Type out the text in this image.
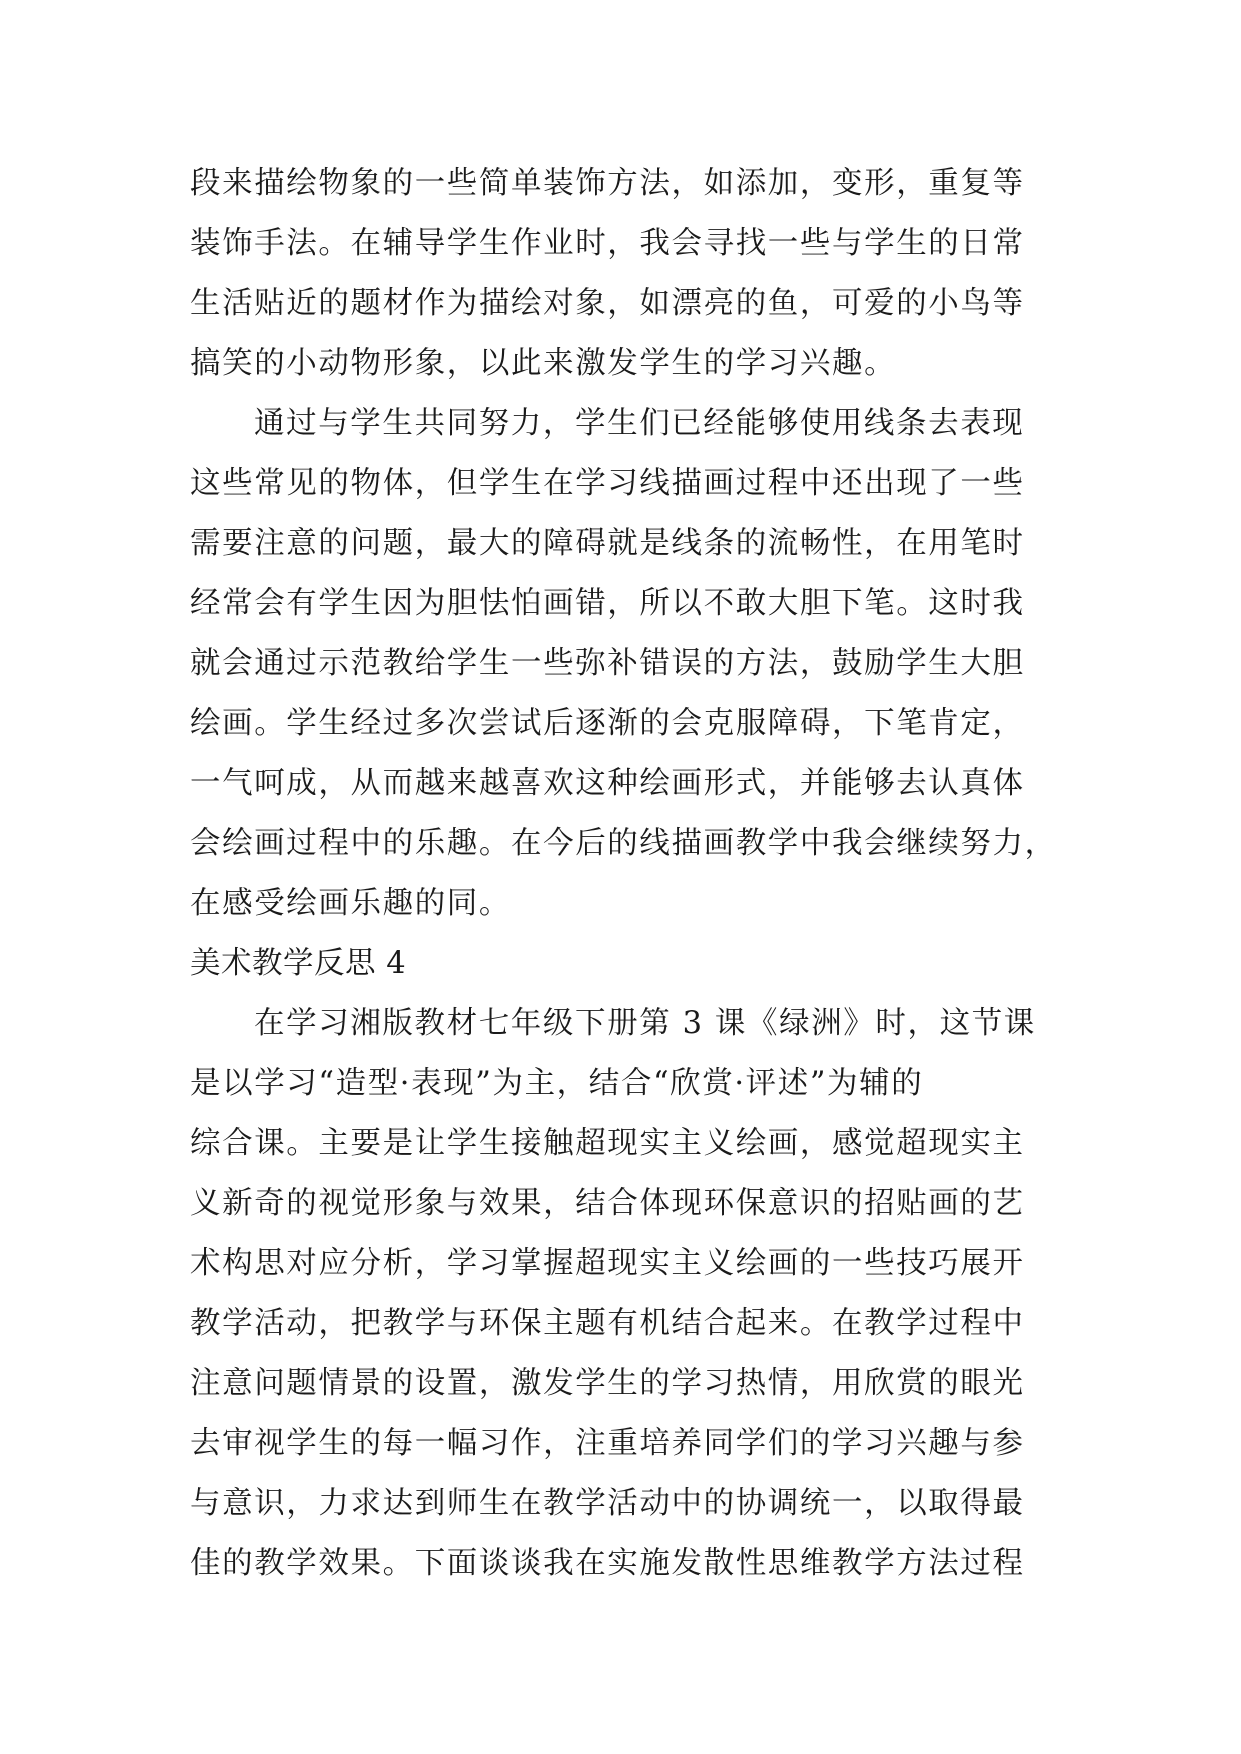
段来描绘物象的一些简单装饰方法，如添加，变形，重复等
装饰手法。在辅导学生作业时，我会寻找一些与学生的日常
生活贴近的题材作为描绘对象，如漂亮的鱼，可爱的小鸟等
搞笑的小动物形象，以此来激发学生的学习兴趣。
通过与学生共同努力，学生们已经能够使用线条去表现
这些常见的物体，但学生在学习线描画过程中还出现了一些
需要注意的问题，最大的障碍就是线条的流畅性，在用笔时
经常会有学生因为胆怯怕画错，所以不敢大胆下笔。这时我
就会通过示范教给学生一些弥补错误的方法，鼓励学生大胆
绘画。学生经过多次尝试后逐渐的会克服障碍，下笔肯定，
一气呵成，从而越来越喜欢这种绘画形式，并能够去认真体
会绘画过程中的乐趣。在今后的线描画教学中我会继续努力，
在感受绘画乐趣的同。
美术教学反思 4
在学习湘版教材七年级下册第 3 课《绿洲》时，这节课
是以学习“造型·表现”为主，结合“欣赏·评述”为辅的
综合课。主要是让学生接触超现实主义绘画，感觉超现实主
义新奇的视觉形象与效果，结合体现环保意识的招贴画的艺
术构思对应分析，学习掌握超现实主义绘画的一些技巧展开
教学活动，把教学与环保主题有机结合起来。在教学过程中
注意问题情景的设置，激发学生的学习热情，用欣赏的眼光
去审视学生的每一幅习作，注重培养同学们的学习兴趣与参
与意识，力求达到师生在教学活动中的协调统一，以取得最
佳的教学效果。下面谈谈我在实施发散性思维教学方法过程
